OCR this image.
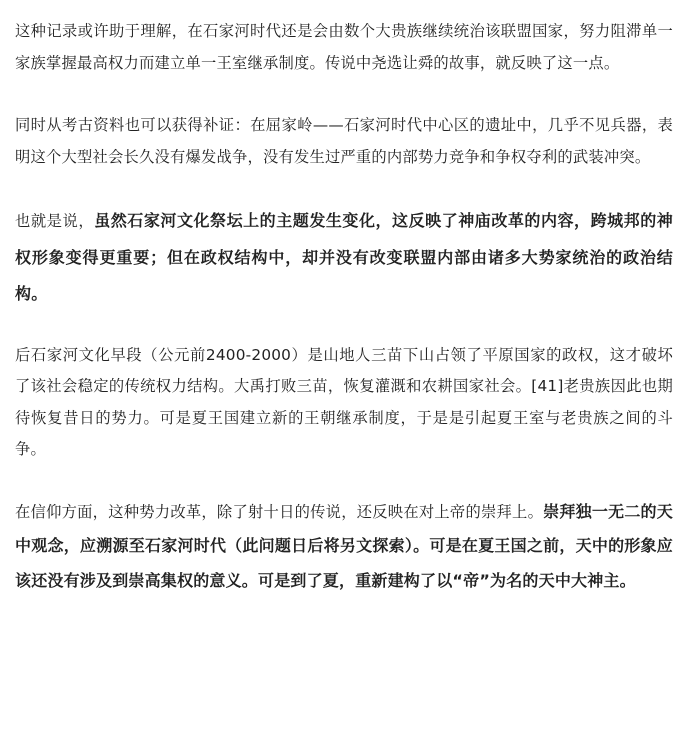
这种记录或许助于理解，在石家河时代还是会由数个大贵族继续统治该联盟国家，努力阻滞单一家族掌握最高权力而建立单一王室继承制度。传说中尧选让舜的故事，就反映了这一点。

同时从考古资料也可以获得补证：在屈家岭——石家河时代中心区的遗址中，几乎不见兵器，表明这个大型社会长久没有爆发战争，没有发生过严重的内部势力竞争和争权夺利的武装冲突。

也就是说，虽然石家河文化祭坛上的主题发生变化，这反映了神庙改革的内容，跨城邦的神权形象变得更重要；但在政权结构中，却并没有改变联盟内部由诸多大势家统治的政治结构。

后石家河文化早段（公元前2400-2000）是山地人三苗下山占领了平原国家的政权，这才破坏了该社会稳定的传统权力结构。大禹打败三苗，恢复灌溉和农耕国家社会。[41]老贵族因此也期待恢复昔日的势力。可是夏王国建立新的王朝继承制度，于是是引起夏王室与老贵族之间的斗争。

在信仰方面，这种势力改革，除了射十日的传说，还反映在对上帝的崇拜上。崇拜独一无二的天中观念，应溯源至石家河时代（此问题日后将另文探索）。可是在夏王国之前，天中的形象应该还没有涉及到崇高集权的意义。可是到了夏，重新建构了以“帝”为名的天中大神主。
